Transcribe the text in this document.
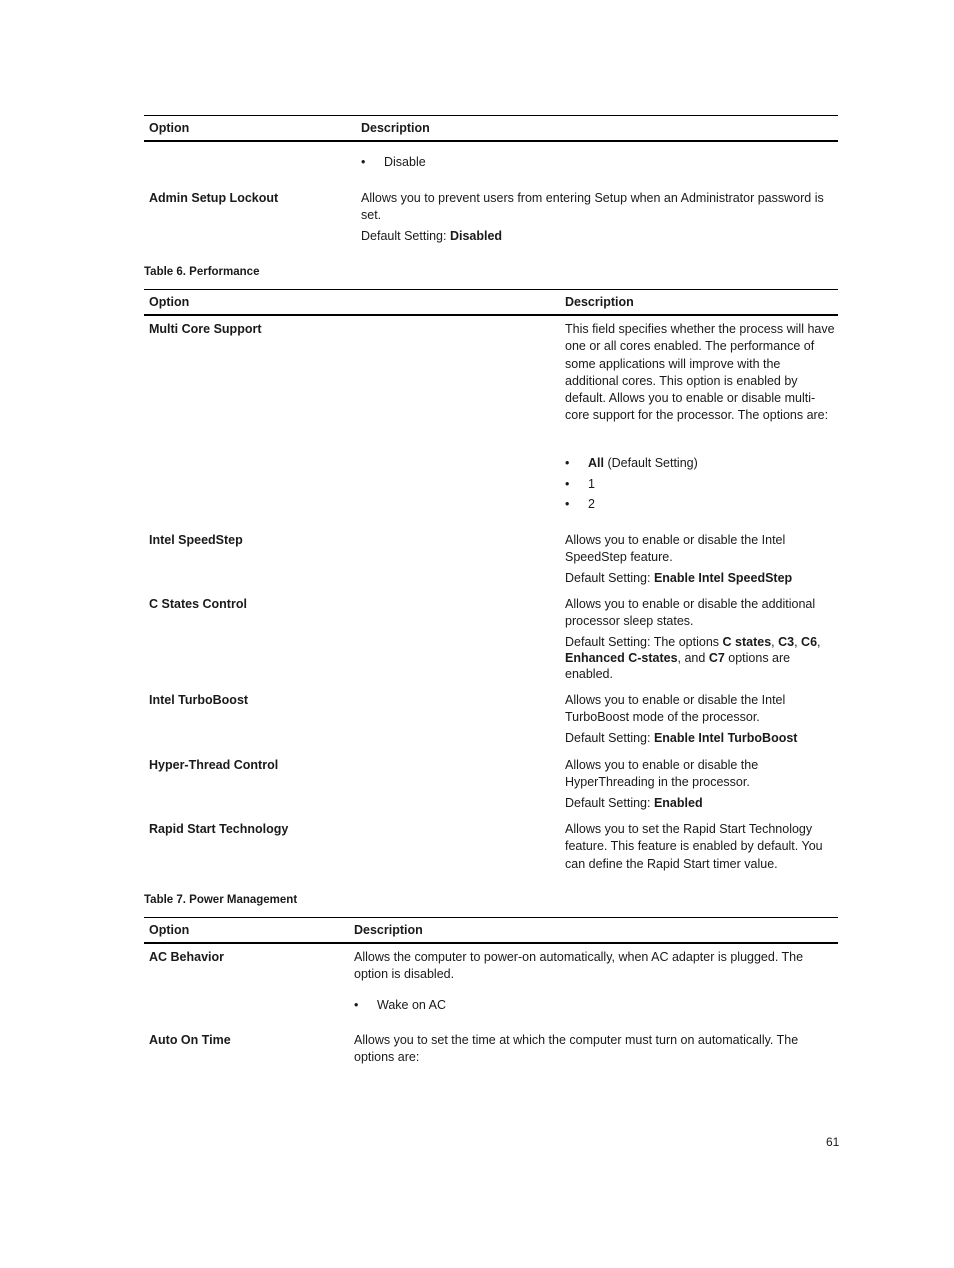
Option	Description
• Disable
Admin Setup Lockout	Allows you to prevent users from entering Setup when an Administrator password is set.
Default Setting: Disabled
Table 6. Performance
Option	Description
Multi Core Support	This field specifies whether the process will have one or all cores enabled. The performance of some applications will improve with the additional cores. This option is enabled by default. Allows you to enable or disable multi-core support for the processor. The options are:
• All (Default Setting)
• 1
• 2
Intel SpeedStep	Allows you to enable or disable the Intel SpeedStep feature.
Default Setting: Enable Intel SpeedStep
C States Control	Allows you to enable or disable the additional processor sleep states.
Default Setting: The options C states, C3, C6, Enhanced C-states, and C7 options are enabled.
Intel TurboBoost	Allows you to enable or disable the Intel TurboBoost mode of the processor.
Default Setting: Enable Intel TurboBoost
Hyper-Thread Control	Allows you to enable or disable the HyperThreading in the processor.
Default Setting: Enabled
Rapid Start Technology	Allows you to set the Rapid Start Technology feature. This feature is enabled by default. You can define the Rapid Start timer value.
Table 7. Power Management
Option	Description
AC Behavior	Allows the computer to power-on automatically, when AC adapter is plugged. The option is disabled.
• Wake on AC
Auto On Time	Allows you to set the time at which the computer must turn on automatically. The options are:
61
